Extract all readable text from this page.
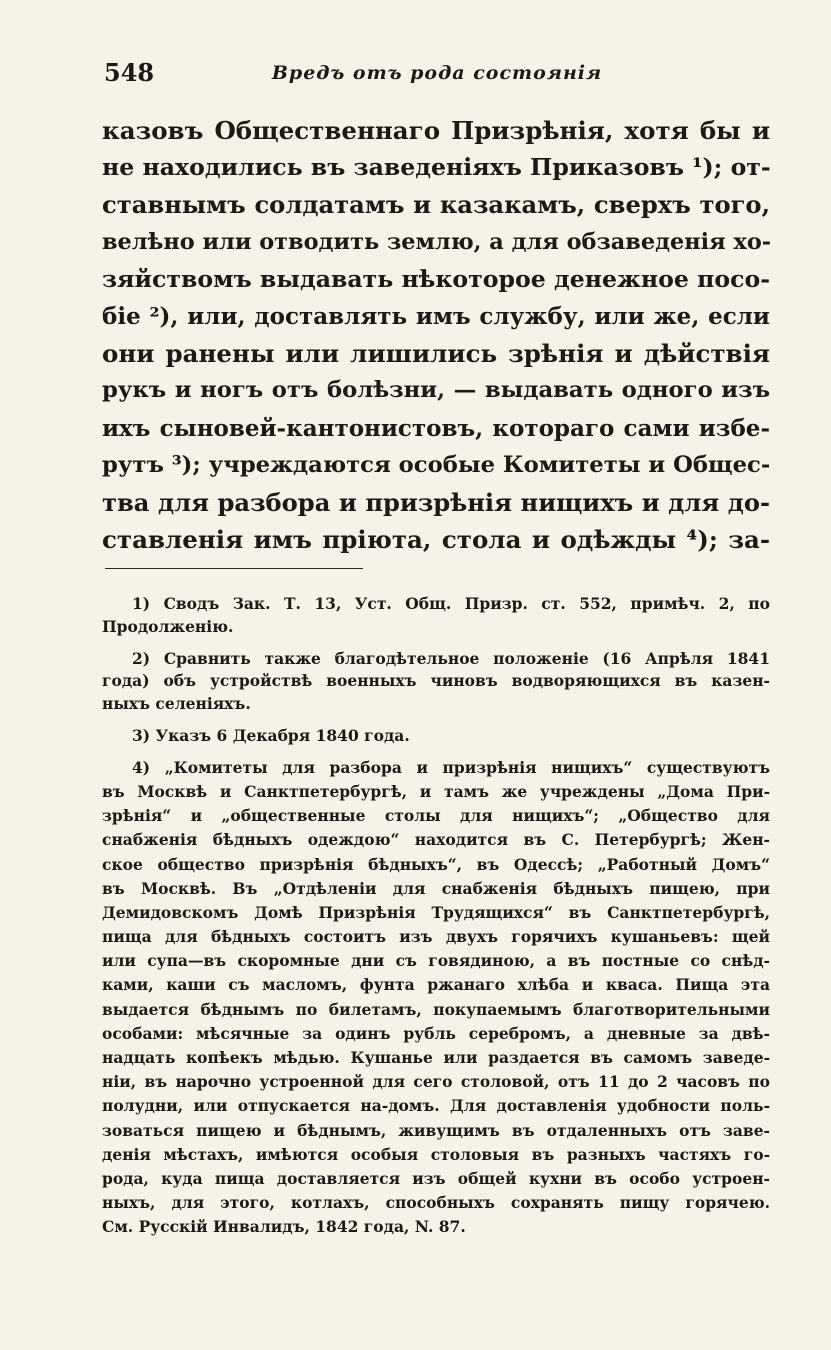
548	Вредъ отъ рода состоянія
казовъ Общественнаго Призрѣнія, хотя бы и
не находились въ заведеніяхъ Приказовъ ¹); от-
ставнымъ солдатамъ и казакамъ, сверхъ того,
велѣно или отводить землю, а для обзаведенія хо-
зяйствомъ выдавать нѣкоторое денежное посо-
біе ²), или, доставлять имъ службу, или же, если
они ранены или лишились зрѣнія и дѣйствія
рукъ и ногъ отъ болѣзни, — выдавать одного изъ
ихъ сыновей-кантонистовъ, котораго сами избе-
рутъ ³); учреждаются особые Комитеты и Общес-
тва для разбора и призрѣнія нищихъ и для до-
ставленія имъ пріюта, стола и одѣжды ⁴); за-
1) Сводъ Зак. Т. 13, Уст. Общ. Призр. ст. 552, примѣч. 2, по
Продолженію.
2) Сравнить также благодѣтельное положеніе (16 Апрѣля 1841
года) объ устройствѣ военныхъ чиновъ водворяющихся въ казен-
ныхъ селеніяхъ.
3) Указъ 6 Декабря 1840 года.
4) „Комитеты для разбора и призрѣнія нищихъ“ существуютъ
въ Москвѣ и Санктпетербургѣ, и тамъ же учреждены „Дома При-
зрѣнія“ и „общественные столы для нищихъ“; „Общество для
снабженія бѣдныхъ одеждою“ находится въ С. Петербургѣ; Жен-
ское общество призрѣнія бѣдныхъ“, въ Одессѣ; „Работный Домъ“
въ Москвѣ. Въ „Отдѣленіи для снабженія бѣдныхъ пищею, при
Демидовскомъ Домѣ Призрѣнія Трудящихся“ въ Санктпетербургѣ,
пища для бѣдныхъ состоитъ изъ двухъ горячихъ кушаньевъ: щей
или супа—въ скоромные дни съ говядиною, а въ постные со снѣд-
ками, каши съ масломъ, фунта ржанаго хлѣба и кваса. Пища эта
выдается бѣднымъ по билетамъ, покупаемымъ благотворительными
особами: мѣсячные за одинъ рубль серебромъ, а дневные за двѣ-
надцать копѣекъ мѣдью. Кушанье или раздается въ самомъ заведе-
ніи, въ нарочно устроенной для сего столовой, отъ 11 до 2 часовъ по
полудни, или отпускается на-домъ. Для доставленія удобности поль-
зоваться пищею и бѣднымъ, живущимъ въ отдаленныхъ отъ заве-
денія мѣстахъ, имѣются особыя столовыя въ разныхъ частяхъ го-
рода, куда пища доставляется изъ общей кухни въ особо устроен-
ныхъ, для этого, котлахъ, способныхъ сохранять пищу горячею.
См. Русскій Инвалидъ, 1842 года, N. 87.
